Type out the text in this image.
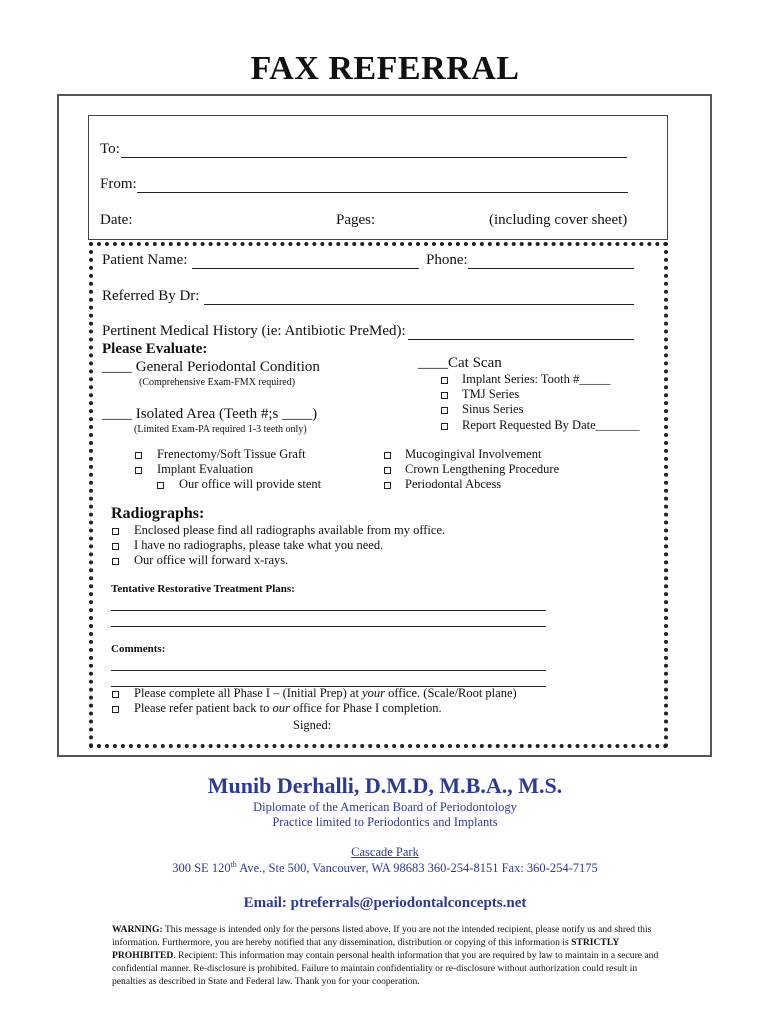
FAX REFERRAL
To:
From:
Date:	Pages:	(including cover sheet)
Patient Name:	Phone:
Referred By Dr:
Pertinent Medical History (ie: Antibiotic PreMed):
Please Evaluate:
____ General Periodontal Condition
(Comprehensive Exam-FMX required)
____ Isolated Area (Teeth #;s ____)
(Limited Exam-PA required 1-3 teeth only)
____Cat Scan
Implant Series: Tooth #_____
TMJ Series
Sinus Series
Report Requested By Date_______
Frenectomy/Soft Tissue Graft
Implant Evaluation
Our office will provide stent
Mucogingival Involvement
Crown Lengthening Procedure
Periodontal Abcess
Radiographs:
Enclosed please find all radiographs available from my office.
I have no radiographs, please take what you need.
Our office will forward x-rays.
Tentative Restorative Treatment Plans:
Comments:
Please complete all Phase I – (Initial Prep) at your office. (Scale/Root plane)
Please refer patient back to our office for Phase I completion.
Signed:
Munib Derhalli, D.M.D, M.B.A., M.S.
Diplomate of the American Board of Periodontology
Practice limited to Periodontics and Implants
Cascade Park
300 SE 120th Ave., Ste 500, Vancouver, WA 98683 360-254-8151 Fax: 360-254-7175
Email: ptreferrals@periodontalconcepts.net
WARNING: This message is intended only for the persons listed above. If you are not the intended recipient, please notify us and shred this information. Furthermore, you are hereby notified that any dissemination, distribution or copying of this information is STRICTLY PROHIBITED. Recipient: This information may contain personal health information that you are required by law to maintain in a secure and confidential manner. Re-disclosure is prohibited. Failure to maintain confidentiality or re-disclosure without authorization could result in penalties as described in State and Federal law. Thank you for your cooperation.
